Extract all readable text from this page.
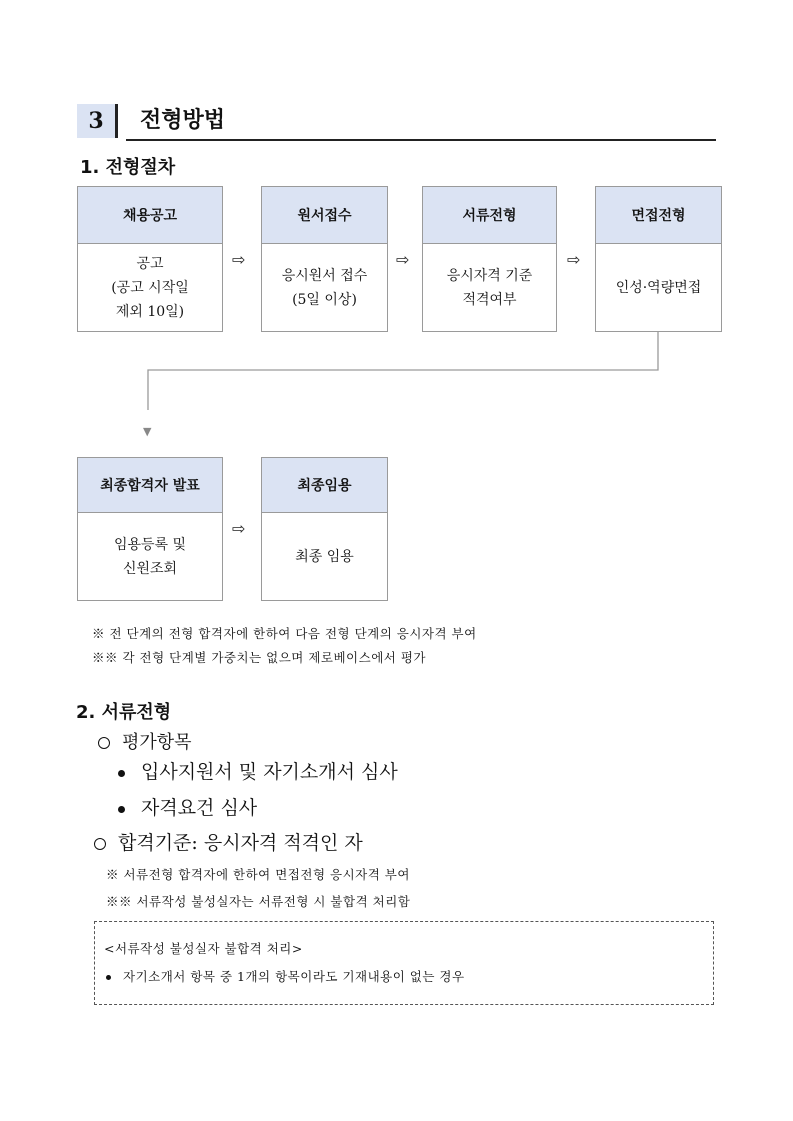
3	전형방법
1. 전형절차
채용공고
공고
(공고 시작일
제외 10일)
⇨
원서접수
응시원서 접수
(5일 이상)
⇨
서류전형
응시자격 기준
적격여부
⇨
면접전형
인성·역량면접
▼
최종합격자 발표
임용등록 및
신원조회
⇨
최종임용
최종 임용
※ 전 단계의 전형 합격자에 한하여 다음 전형 단계의 응시자격 부여
※※ 각 전형 단계별 가중치는 없으며 제로베이스에서 평가
2. 서류전형
평가항목
입사지원서 및 자기소개서 심사
자격요건 심사
합격기준: 응시자격 적격인 자
※ 서류전형 합격자에 한하여 면접전형 응시자격 부여
※※ 서류작성 불성실자는 서류전형 시 불합격 처리함
<서류작성 불성실자 불합격 처리>
자기소개서 항목 중 1개의 항목이라도 기재내용이 없는 경우
